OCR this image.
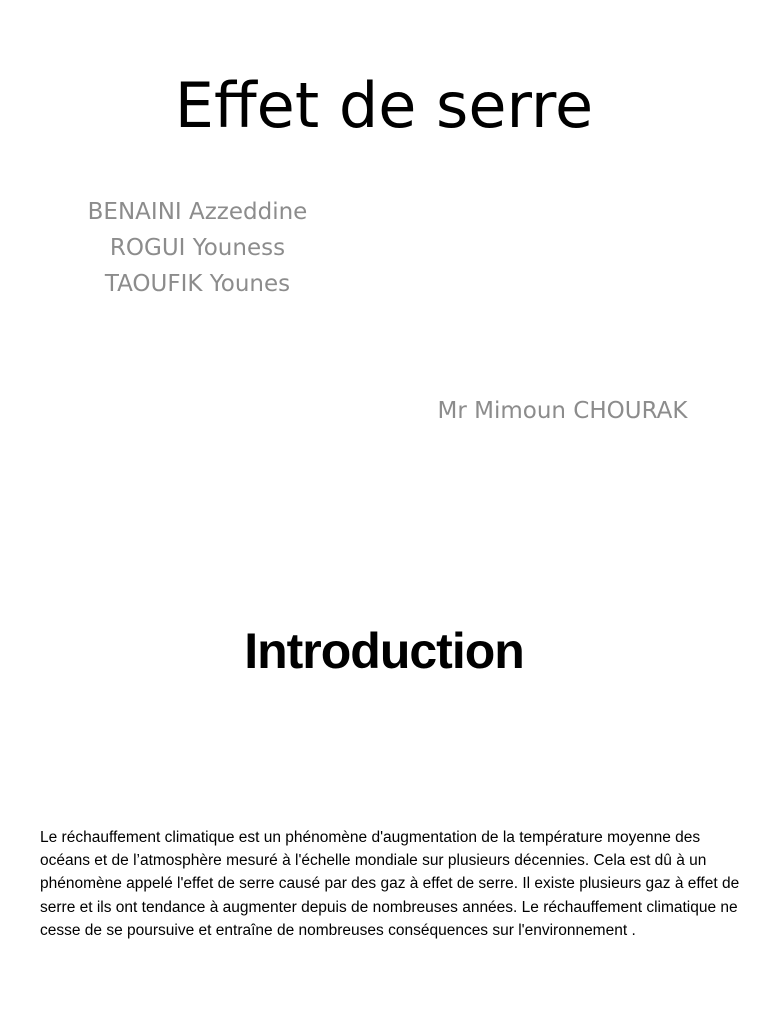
Effet de serre
BENAINI Azzeddine
ROGUI Youness
TAOUFIK Younes
Mr Mimoun CHOURAK
Introduction

Le réchauffement climatique est un phénomène d'augmentation de la température moyenne des océans et de l’atmosphère mesuré à l'échelle mondiale sur plusieurs décennies. Cela est dû à un phénomène appelé l'effet de serre causé par des gaz à effet de serre. Il existe plusieurs gaz à effet de serre et ils ont tendance à augmenter depuis de nombreuses années. Le réchauffement climatique ne cesse de se poursuive et entraîne de nombreuses conséquences sur l'environnement .
